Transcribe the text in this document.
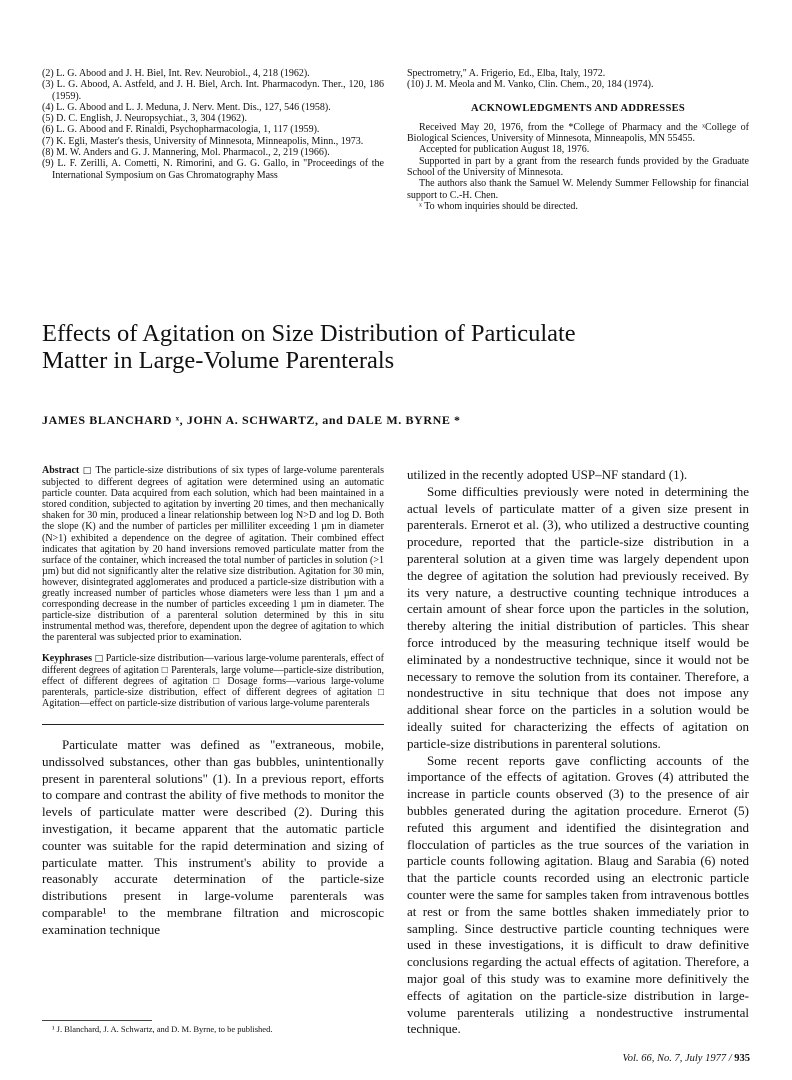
(2) L. G. Abood and J. H. Biel, Int. Rev. Neurobiol., 4, 218 (1962).

(3) L. G. Abood, A. Astfeld, and J. H. Biel, Arch. Int. Pharmacodyn. Ther., 120, 186 (1959).

(4) L. G. Abood and L. J. Meduna, J. Nerv. Ment. Dis., 127, 546 (1958).

(5) D. C. English, J. Neuropsychiat., 3, 304 (1962).

(6) L. G. Abood and F. Rinaldi, Psychopharmacologia, 1, 117 (1959).

(7) K. Egli, Master's thesis, University of Minnesota, Minneapolis, Minn., 1973.

(8) M. W. Anders and G. J. Mannering, Mol. Pharmacol., 2, 219 (1966).

(9) L. F. Zerilli, A. Cometti, N. Rimorini, and G. G. Gallo, in "Proceedings of the International Symposium on Gas Chromatography Mass

Spectrometry," A. Frigerio, Ed., Elba, Italy, 1972.

(10) J. M. Meola and M. Vanko, Clin. Chem., 20, 184 (1974).

ACKNOWLEDGMENTS AND ADDRESSES

Received May 20, 1976, from the *College of Pharmacy and the ˣCollege of Biological Sciences, University of Minnesota, Minneapolis, MN 55455.

Accepted for publication August 18, 1976.

Supported in part by a grant from the research funds provided by the Graduate School of the University of Minnesota.

The authors also thank the Samuel W. Melendy Summer Fellowship for financial support to C.-H. Chen.

ˣ To whom inquiries should be directed.

Effects of Agitation on Size Distribution of Particulate Matter in Large-Volume Parenterals
JAMES BLANCHARD ˣ, JOHN A. SCHWARTZ, and DALE M. BYRNE *

Abstract □ The particle-size distributions of six types of large-volume parenterals subjected to different degrees of agitation were determined using an automatic particle counter. Data acquired from each solution, which had been maintained in a stored condition, subjected to agitation by inverting 20 times, and then mechanically shaken for 30 min, produced a linear relationship between log N>D and log D. Both the slope (K) and the number of particles per milliliter exceeding 1 µm in diameter (N>1) exhibited a dependence on the degree of agitation. Their combined effect indicates that agitation by 20 hand inversions removed particulate matter from the surface of the container, which increased the total number of particles in solution (>1 µm) but did not significantly alter the relative size distribution. Agitation for 30 min, however, disintegrated agglomerates and produced a particle-size distribution with a greatly increased number of particles whose diameters were less than 1 µm and a corresponding decrease in the number of particles exceeding 1 µm in diameter. The particle-size distribution of a parenteral solution determined by this in situ instrumental method was, therefore, dependent upon the degree of agitation to which the parenteral was subjected prior to examination.

Keyphrases □ Particle-size distribution—various large-volume parenterals, effect of different degrees of agitation □ Parenterals, large volume—particle-size distribution, effect of different degrees of agitation □ Dosage forms—various large-volume parenterals, particle-size distribution, effect of different degrees of agitation □ Agitation—effect on particle-size distribution of various large-volume parenterals

Particulate matter was defined as "extraneous, mobile, undissolved substances, other than gas bubbles, unintentionally present in parenteral solutions" (1). In a previous report, efforts to compare and contrast the ability of five methods to monitor the levels of particulate matter were described (2). During this investigation, it became apparent that the automatic particle counter was suitable for the rapid determination and sizing of particulate matter. This instrument's ability to provide a reasonably accurate determination of the particle-size distributions present in large-volume parenterals was comparable¹ to the membrane filtration and microscopic examination technique

utilized in the recently adopted USP–NF standard (1).

Some difficulties previously were noted in determining the actual levels of particulate matter of a given size present in parenterals. Ernerot et al. (3), who utilized a destructive counting procedure, reported that the particle-size distribution in a parenteral solution at a given time was largely dependent upon the degree of agitation the solution had previously received. By its very nature, a destructive counting technique introduces a certain amount of shear force upon the particles in the solution, thereby altering the initial distribution of particles. This shear force introduced by the measuring technique itself would be eliminated by a nondestructive technique, since it would not be necessary to remove the solution from its container. Therefore, a nondestructive in situ technique that does not impose any additional shear force on the particles in a solution would be ideally suited for characterizing the effects of agitation on particle-size distributions in parenteral solutions.

Some recent reports gave conflicting accounts of the importance of the effects of agitation. Groves (4) attributed the increase in particle counts observed (3) to the presence of air bubbles generated during the agitation procedure. Ernerot (5) refuted this argument and identified the disintegration and flocculation of particles as the true sources of the variation in particle counts following agitation. Blaug and Sarabia (6) noted that the particle counts recorded using an electronic particle counter were the same for samples taken from intravenous bottles at rest or from the same bottles shaken immediately prior to sampling. Since destructive particle counting techniques were used in these investigations, it is difficult to draw definitive conclusions regarding the actual effects of agitation. Therefore, a major goal of this study was to examine more definitively the effects of agitation on the particle-size distribution in large-volume parenterals utilizing a nondestructive instrumental technique.

¹ J. Blanchard, J. A. Schwartz, and D. M. Byrne, to be published.
Vol. 66, No. 7, July 1977 / 935
